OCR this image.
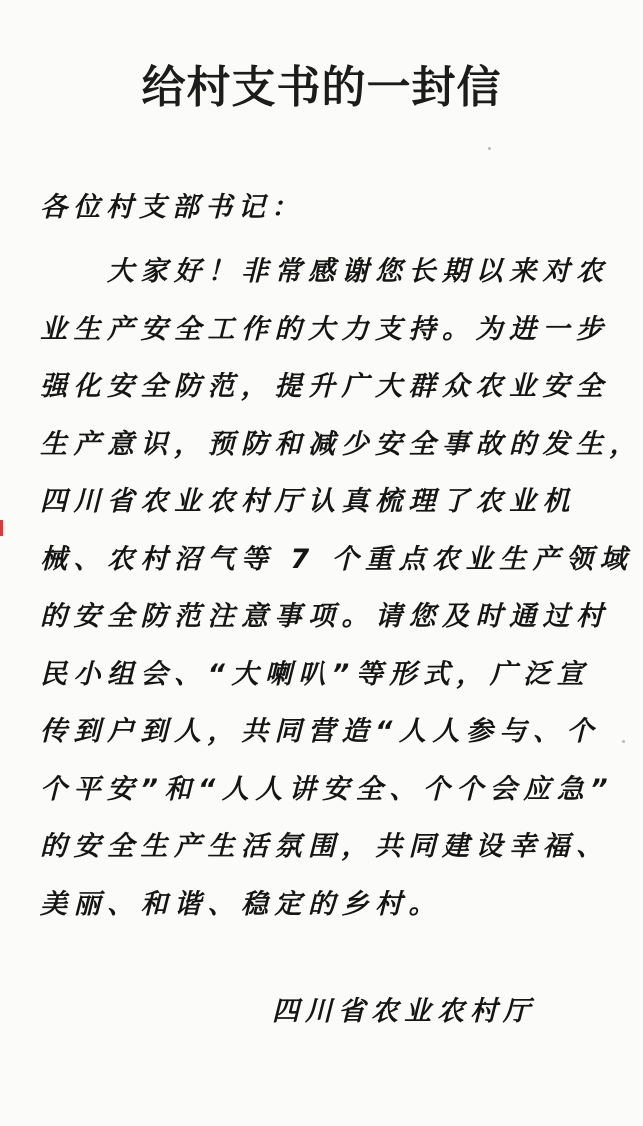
给村支书的一封信
各位村支部书记：
　　大家好！非常感谢您长期以来对农
业生产安全工作的大力支持。为进一步
强化安全防范，提升广大群众农业安全
生产意识，预防和减少安全事故的发生，
四川省农业农村厅认真梳理了农业机
械、农村沼气等 7 个重点农业生产领域
的安全防范注意事项。请您及时通过村
民小组会、“大喇叭”等形式，广泛宣
传到户到人，共同营造“人人参与、个
个平安”和“人人讲安全、个个会应急”
的安全生产生活氛围，共同建设幸福、
美丽、和谐、稳定的乡村。
四川省农业农村厅
